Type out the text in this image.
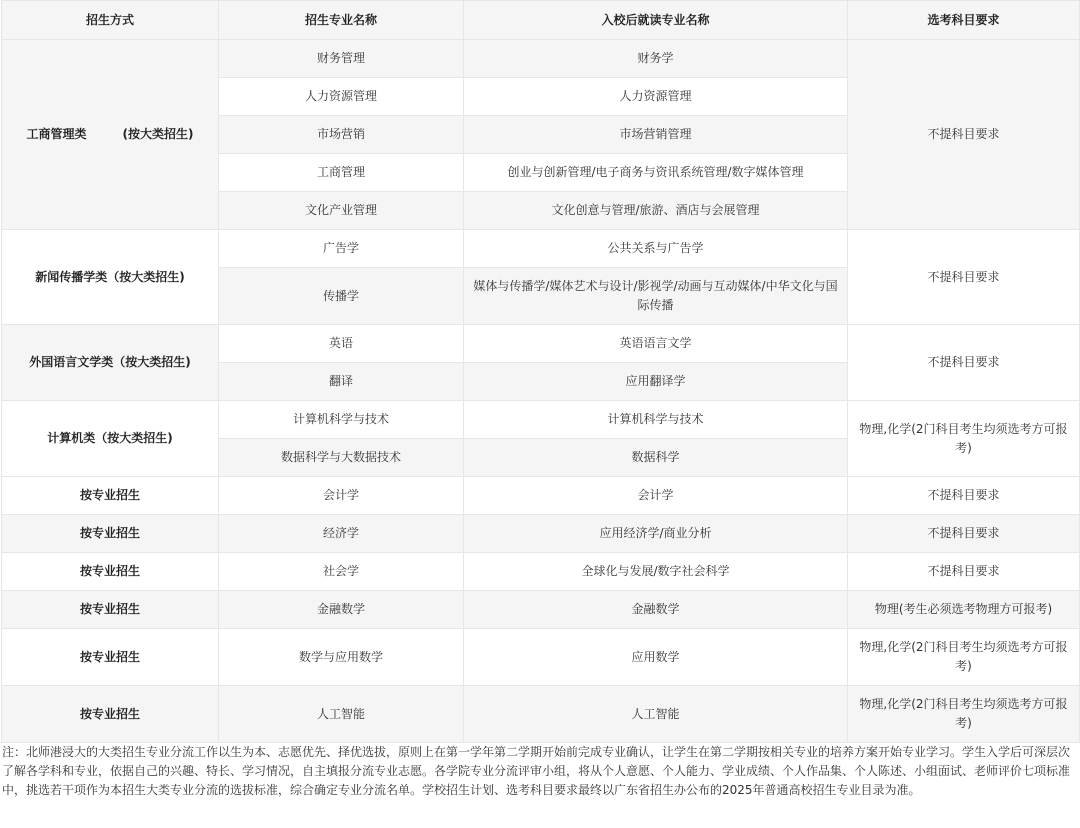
招生方式	招生专业名称	入校后就读专业名称	选考科目要求
工商管理类　　　(按大类招生)	财务管理	财务学	不提科目要求
	人力资源管理	人力资源管理	
	市场营销	市场营销管理	
	工商管理	创业与创新管理/电子商务与资讯系统管理/数字媒体管理	
	文化产业管理	文化创意与管理/旅游、酒店与会展管理	
新闻传播学类（按大类招生)	广告学	公共关系与广告学	不提科目要求
	传播学	媒体与传播学/媒体艺术与设计/影视学/动画与互动媒体/中华文化与国际传播	
外国语言文学类（按大类招生)	英语	英语语言文学	不提科目要求
	翻译	应用翻译学	
计算机类（按大类招生)	计算机科学与技术	计算机科学与技术	物理,化学(2门科目考生均须选考方可报考)
	数据科学与大数据技术	数据科学	
按专业招生	会计学	会计学	不提科目要求
按专业招生	经济学	应用经济学/商业分析	不提科目要求
按专业招生	社会学	全球化与发展/数字社会科学	不提科目要求
按专业招生	金融数学	金融数学	物理(考生必须选考物理方可报考)
按专业招生	数学与应用数学	应用数学	物理,化学(2门科目考生均须选考方可报考)
按专业招生	人工智能	人工智能	物理,化学(2门科目考生均须选考方可报考)
注：北师港浸大的大类招生专业分流工作以生为本、志愿优先、择优选拔，原则上在第一学年第二学期开始前完成专业确认，让学生在第二学期按相关专业的培养方案开始专业学习。学生入学后可深层次了解各学科和专业，依据自己的兴趣、特长、学习情况，自主填报分流专业志愿。各学院专业分流评审小组，将从个人意愿、个人能力、学业成绩、个人作品集、个人陈述、小组面试、老师评价七项标准中，挑选若干项作为本招生大类专业分流的选拔标准，综合确定专业分流名单。学校招生计划、选考科目要求最终以广东省招生办公布的2025年普通高校招生专业目录为准。
